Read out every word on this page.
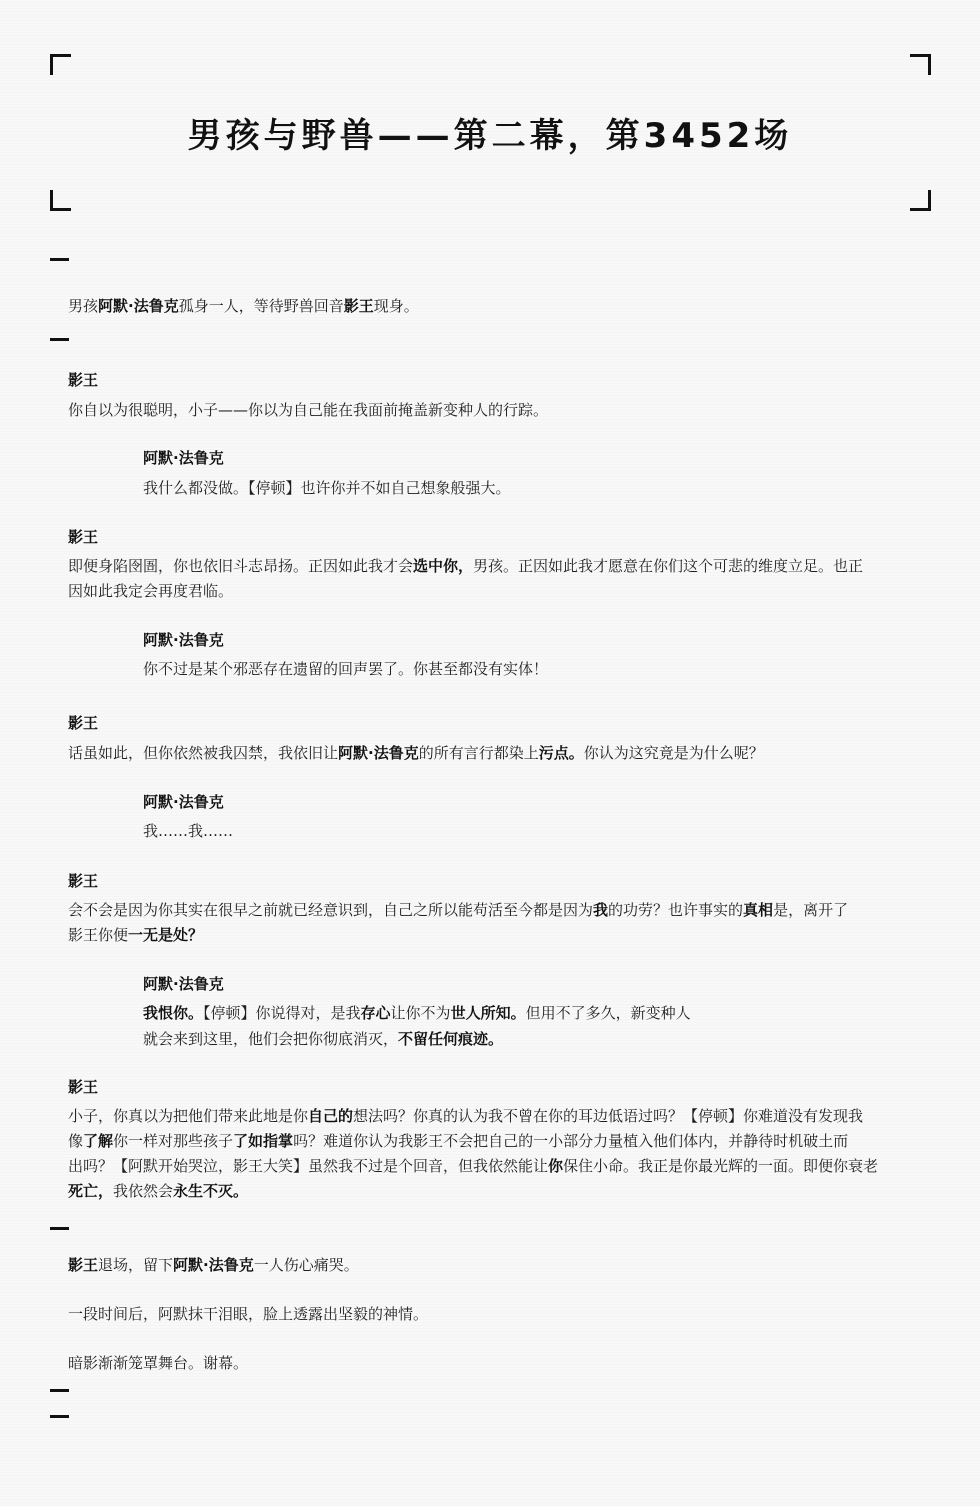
男孩与野兽——第二幕，第3452场
男孩阿默·法鲁克孤身一人，等待野兽回音影王现身。
影王
你自以为很聪明，小子——你以为自己能在我面前掩盖新变种人的行踪。
阿默·法鲁克
我什么都没做。【停顿】也许你并不如自己想象般强大。
影王
即便身陷囹圄，你也依旧斗志昂扬。正因如此我才会选中你，男孩。正因如此我才愿意在你们这个可悲的维度立足。也正
因如此我定会再度君临。
阿默·法鲁克
你不过是某个邪恶存在遗留的回声罢了。你甚至都没有实体！
影王
话虽如此，但你依然被我囚禁，我依旧让阿默·法鲁克的所有言行都染上污点。你认为这究竟是为什么呢？
阿默·法鲁克
我……我……
影王
会不会是因为你其实在很早之前就已经意识到，自己之所以能苟活至今都是因为我的功劳？也许事实的真相是，离开了
影王你便一无是处？
阿默·法鲁克
我恨你。【停顿】你说得对，是我存心让你不为世人所知。但用不了多久，新变种人
就会来到这里，他们会把你彻底消灭，不留任何痕迹。
影王
小子，你真以为把他们带来此地是你自己的想法吗？你真的认为我不曾在你的耳边低语过吗？【停顿】你难道没有发现我
像了解你一样对那些孩子了如指掌吗？难道你认为我影王不会把自己的一小部分力量植入他们体内，并静待时机破土而
出吗？【阿默开始哭泣，影王大笑】虽然我不过是个回音，但我依然能让你保住小命。我正是你最光辉的一面。即便你衰老
死亡，我依然会永生不灭。
影王退场，留下阿默·法鲁克一人伤心痛哭。
一段时间后，阿默抹干泪眼，脸上透露出坚毅的神情。
暗影渐渐笼罩舞台。谢幕。
